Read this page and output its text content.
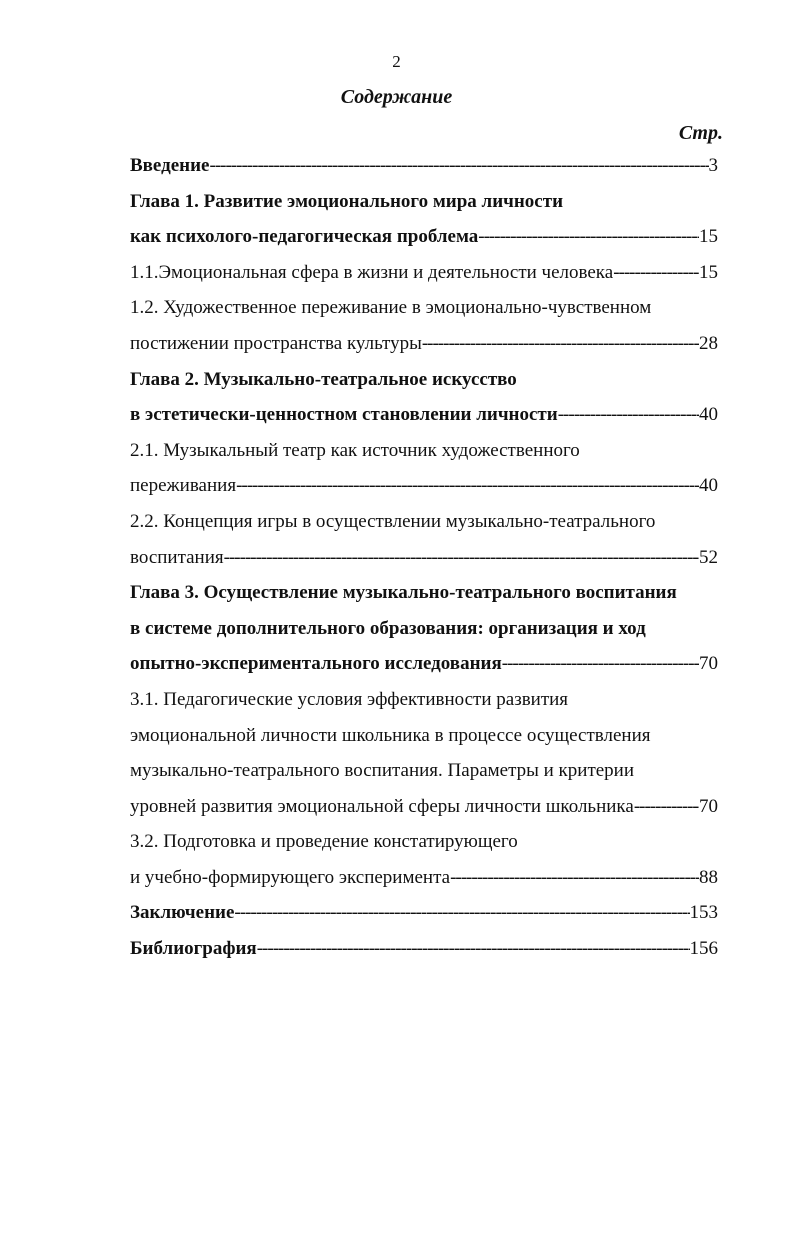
2
Содержание
Стр.
Введение -----	3
Глава 1. Развитие эмоционального мира личности
как психолого-педагогическая проблема -----	15
1.1.Эмоциональная сфера в жизни и деятельности человека -----	15
1.2. Художественное переживание в эмоционально-чувственном
постижении пространства культуры -----	28
Глава 2. Музыкально-театральное искусство
в эстетически-ценностном становлении личности -----	40
2.1. Музыкальный театр как источник художественного
переживания -----	40
2.2. Концепция игры в осуществлении музыкально-театрального
воспитания -----	52
Глава 3. Осуществление музыкально-театрального воспитания
в системе дополнительного образования: организация и ход
опытно-экспериментального исследования -----	70
3.1. Педагогические условия эффективности развития
эмоциональной личности школьника в процессе осуществления
музыкально-театрального воспитания. Параметры и критерии
уровней развития эмоциональной сферы личности школьника -----	70
3.2. Подготовка и проведение констатирующего
и учебно-формирующего эксперимента -----	88
Заключение -----	153
Библиография -----	156
